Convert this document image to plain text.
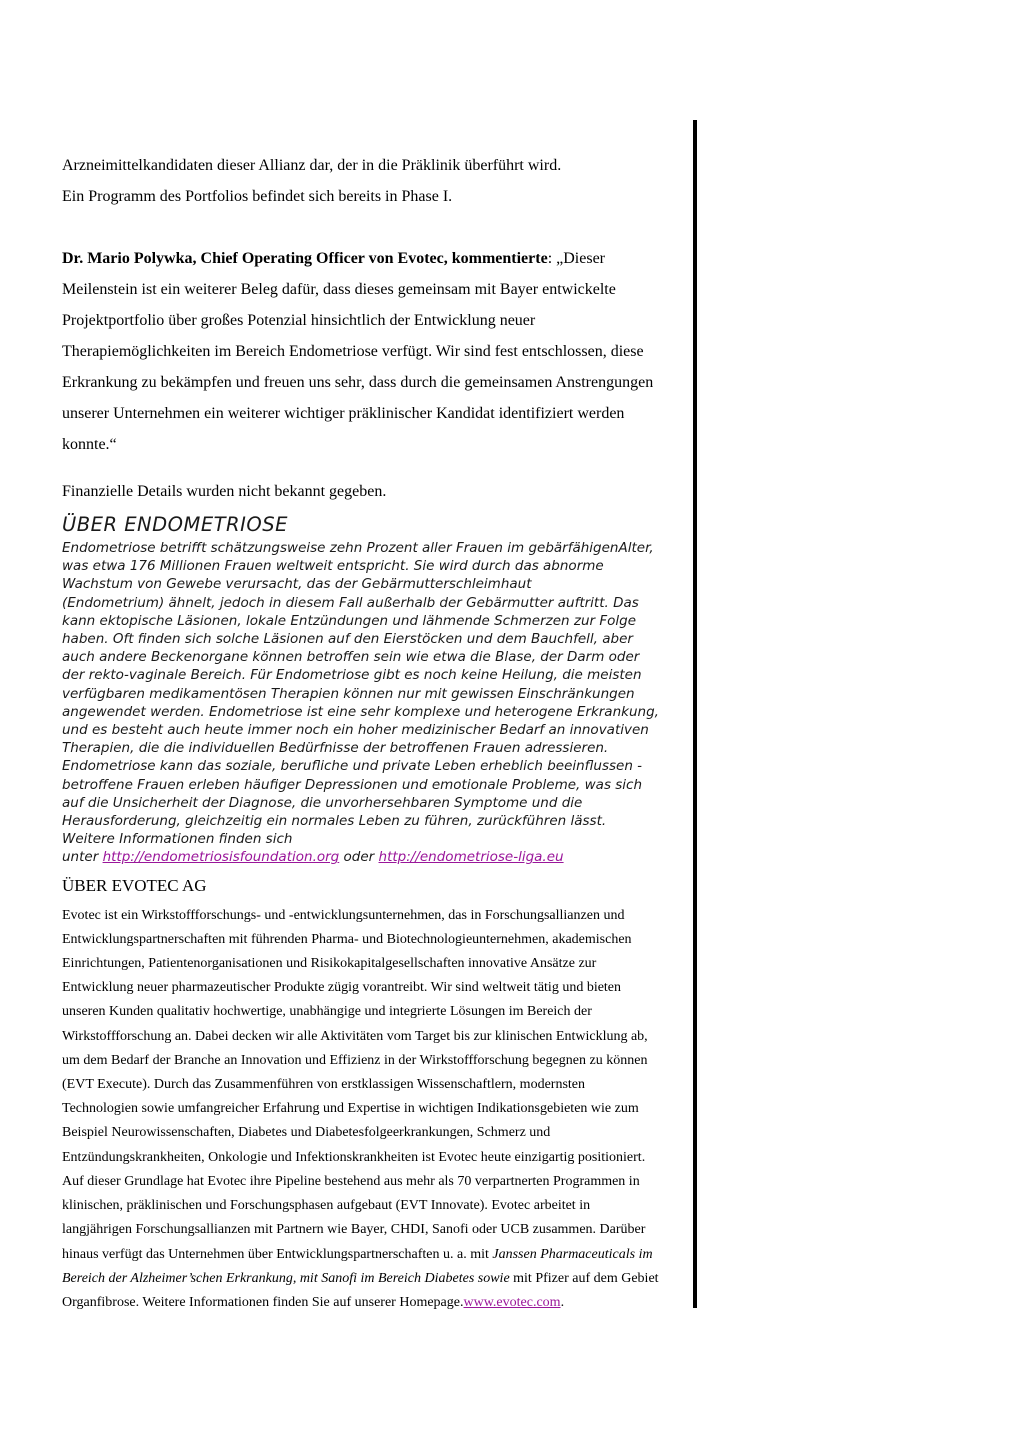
Arzneimittelkandidaten dieser Allianz dar, der in die Präklinik überführt wird.
Ein Programm des Portfolios befindet sich bereits in Phase I.

Dr. Mario Polywka, Chief Operating Officer von Evotec, kommentierte: „Dieser Meilenstein ist ein weiterer Beleg dafür, dass dieses gemeinsam mit Bayer entwickelte Projektportfolio über großes Potenzial hinsichtlich der Entwicklung neuer Therapiemöglichkeiten im Bereich Endometriose verfügt. Wir sind fest entschlossen, diese Erkrankung zu bekämpfen und freuen uns sehr, dass durch die gemeinsamen Anstrengungen unserer Unternehmen ein weiterer wichtiger präklinischer Kandidat identifiziert werden konnte.“

Finanzielle Details wurden nicht bekannt gegeben.

ÜBER ENDOMETRIOSE
Endometriose betrifft schätzungsweise zehn Prozent aller Frauen im gebärfähigenAlter, was etwa 176 Millionen Frauen weltweit entspricht. Sie wird durch das abnorme Wachstum von Gewebe verursacht, das der Gebärmutterschleimhaut
(Endometrium) ähnelt, jedoch in diesem Fall außerhalb der Gebärmutter auftritt. Das kann ektopische Läsionen, lokale Entzündungen und lähmende Schmerzen zur Folge haben. Oft finden sich solche Läsionen auf den Eierstöcken und dem Bauchfell, aber auch andere Beckenorgane können betroffen sein wie etwa die Blase, der Darm oder der rekto-vaginale Bereich. Für Endometriose gibt es noch keine Heilung, die meisten verfügbaren medikamentösen Therapien können nur mit gewissen Einschränkungen angewendet werden. Endometriose ist eine sehr komplexe und heterogene Erkrankung, und es besteht auch heute immer noch ein hoher medizinischer Bedarf an innovativen Therapien, die die individuellen Bedürfnisse der betroffenen Frauen adressieren. Endometriose kann das soziale, berufliche und private Leben erheblich beeinflussen - betroffene Frauen erleben häufiger Depressionen und emotionale Probleme, was sich auf die Unsicherheit der Diagnose, die unvorhersehbaren Symptome und die Herausforderung, gleichzeitig ein normales Leben zu führen, zurückführen lässt. Weitere Informationen finden sich
unter http://endometriosisfoundation.org oder http://endometriose-liga.eu
ÜBER EVOTEC AG

Evotec ist ein Wirkstoffforschungs- und -entwicklungsunternehmen, das in Forschungsallianzen und Entwicklungspartnerschaften mit führenden Pharma- und Biotechnologieunternehmen, akademischen Einrichtungen, Patientenorganisationen und Risikokapitalgesellschaften innovative Ansätze zur Entwicklung neuer pharmazeutischer Produkte zügig vorantreibt. Wir sind weltweit tätig und bieten unseren Kunden qualitativ hochwertige, unabhängige und integrierte Lösungen im Bereich der Wirkstoffforschung an. Dabei decken wir alle Aktivitäten vom Target bis zur klinischen Entwicklung ab, um dem Bedarf der Branche an Innovation und Effizienz in der Wirkstoffforschung begegnen zu können (EVT Execute). Durch das Zusammenführen von erstklassigen Wissenschaftlern, modernsten Technologien sowie umfangreicher Erfahrung und Expertise in wichtigen Indikationsgebieten wie zum Beispiel Neurowissenschaften, Diabetes und Diabetesfolgeerkrankungen, Schmerz und Entzündungskrankheiten, Onkologie und Infektionskrankheiten ist Evotec heute einzigartig positioniert. Auf dieser Grundlage hat Evotec ihre Pipeline bestehend aus mehr als 70 verpartnerten Programmen in klinischen, präklinischen und Forschungsphasen aufgebaut (EVT Innovate). Evotec arbeitet in langjährigen Forschungsallianzen mit Partnern wie Bayer, CHDI, Sanofi oder UCB zusammen. Darüber hinaus verfügt das Unternehmen über Entwicklungspartnerschaften u. a. mit Janssen Pharmaceuticals im Bereich der Alzheimer’schen Erkrankung, mit Sanofi im Bereich Diabetes sowie mit Pfizer auf dem Gebiet Organfibrose. Weitere Informationen finden Sie auf unserer Homepage.www.evotec.com.
